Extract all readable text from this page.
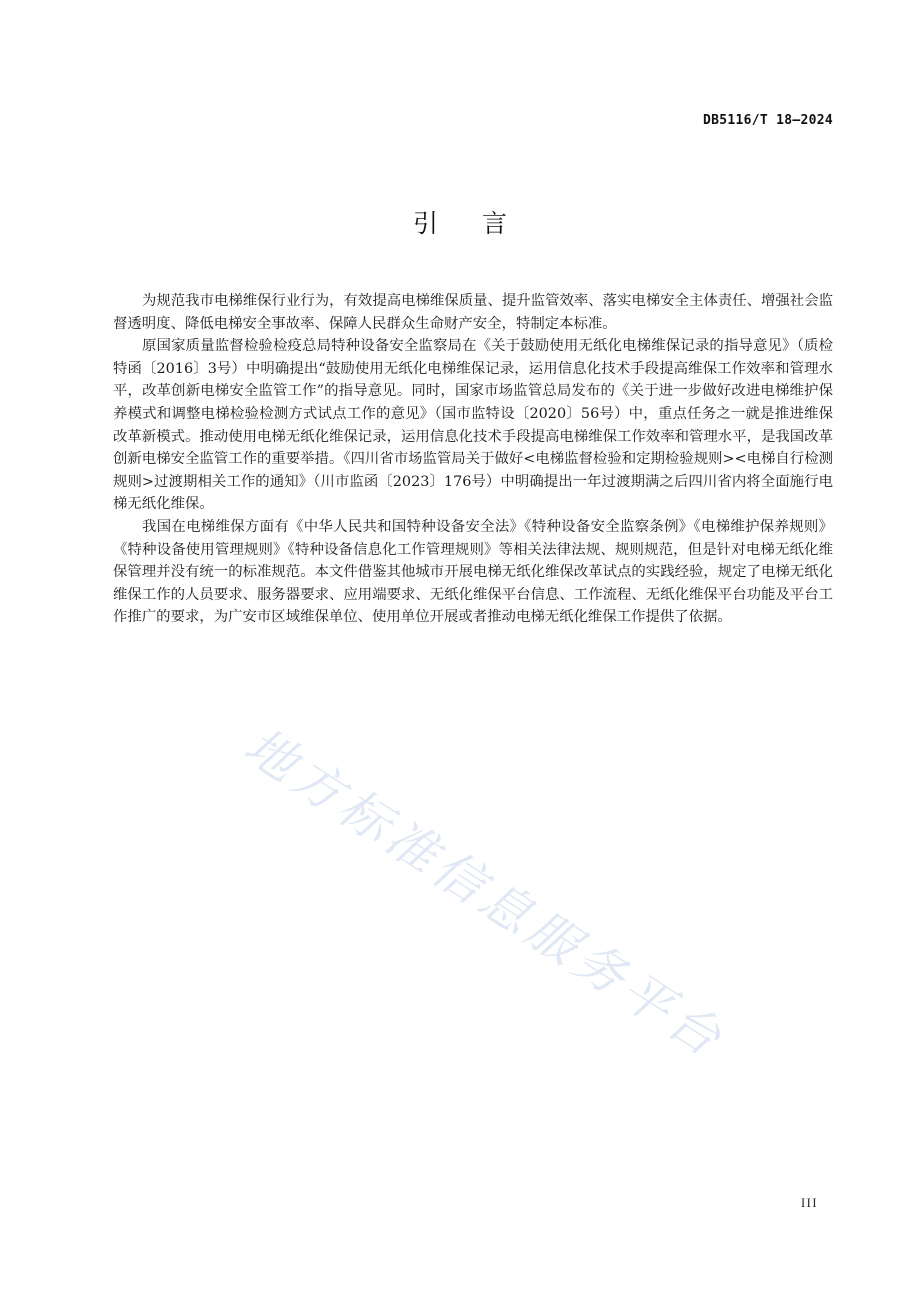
DB5116/T 18—2024
引言

为规范我市电梯维保行业行为，有效提高电梯维保质量、提升监管效率、落实电梯安全主体责任、增强社会监督透明度、降低电梯安全事故率、保障人民群众生命财产安全，特制定本标准。

原国家质量监督检验检疫总局特种设备安全监察局在《关于鼓励使用无纸化电梯维保记录的指导意见》（质检特函〔2016〕3号）中明确提出“鼓励使用无纸化电梯维保记录，运用信息化技术手段提高维保工作效率和管理水平，改革创新电梯安全监管工作”的指导意见。同时，国家市场监管总局发布的《关于进一步做好改进电梯维护保养模式和调整电梯检验检测方式试点工作的意见》（国市监特设〔2020〕56号）中，重点任务之一就是推进维保改革新模式。推动使用电梯无纸化维保记录，运用信息化技术手段提高电梯维保工作效率和管理水平，是我国改革创新电梯安全监管工作的重要举措。《四川省市场监管局关于做好<电梯监督检验和定期检验规则><电梯自行检测规则>过渡期相关工作的通知》（川市监函〔2023〕176号）中明确提出一年过渡期满之后四川省内将全面施行电梯无纸化维保。

我国在电梯维保方面有《中华人民共和国特种设备安全法》《特种设备安全监察条例》《电梯维护保养规则》《特种设备使用管理规则》《特种设备信息化工作管理规则》等相关法律法规、规则规范，但是针对电梯无纸化维保管理并没有统一的标准规范。本文件借鉴其他城市开展电梯无纸化维保改革试点的实践经验，规定了电梯无纸化维保工作的人员要求、服务器要求、应用端要求、无纸化维保平台信息、工作流程、无纸化维保平台功能及平台工作推广的要求，为广安市区域维保单位、使用单位开展或者推动电梯无纸化维保工作提供了依据。

地方标准信息服务平台
III
